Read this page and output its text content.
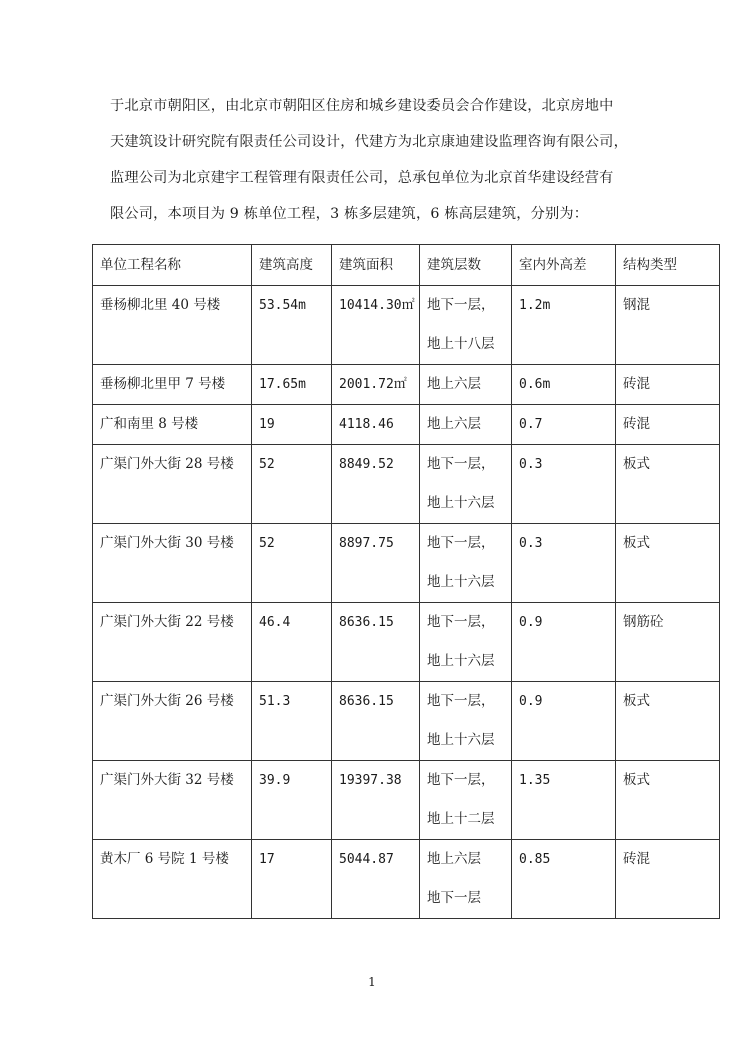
于北京市朝阳区，由北京市朝阳区住房和城乡建设委员会合作建设，北京房地中
天建筑设计研究院有限责任公司设计，代建方为北京康迪建设监理咨询有限公司，
监理公司为北京建宇工程管理有限责任公司，总承包单位为北京首华建设经营有
限公司，本项目为 9 栋单位工程，3 栋多层建筑，6 栋高层建筑，分别为：
单位工程名称	建筑高度	建筑面积	建筑层数	室内外高差	结构类型

垂杨柳北里 40 号楼	53.54m	10414.30㎡	地下一层，
地上十八层	1.2m	钢混

垂杨柳北里甲 7 号楼	17.65m	2001.72㎡	地上六层	0.6m	砖混

广和南里 8 号楼	19	4118.46	地上六层	0.7	砖混

广渠门外大街 28 号楼	52	8849.52	地下一层，
地上十六层	0.3	板式

广渠门外大街 30 号楼	52	8897.75	地下一层，
地上十六层	0.3	板式

广渠门外大街 22 号楼	46.4	8636.15	地下一层，
地上十六层	0.9	钢筋砼

广渠门外大街 26 号楼	51.3	8636.15	地下一层，
地上十六层	0.9	板式

广渠门外大街 32 号楼	39.9	19397.38	地下一层，
地上十二层	1.35	板式

黄木厂 6 号院 1 号楼	17	5044.87	地上六层
地下一层	0.85	砖混
1
